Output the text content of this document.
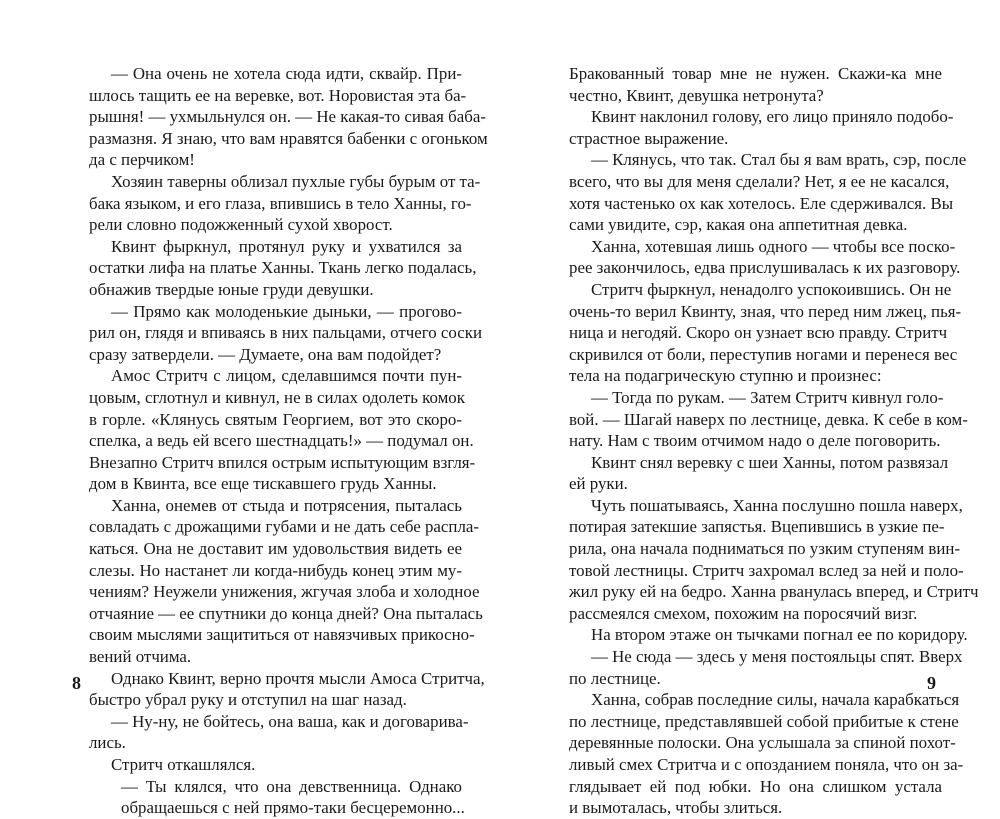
— Она очень не хотела сюда идти, сквайр. При-
шлось тащить ее на веревке, вот. Норовистая эта ба-
рышня! — ухмыльнулся он. — Не какая-то сивая баба-
размазня. Я знаю, что вам нравятся бабенки с огоньком
да с перчиком!
Хозяин таверны облизал пухлые губы бурым от та-
бака языком, и его глаза, впившись в тело Ханны, го-
рели словно подожженный сухой хворост.
Квинт фыркнул, протянул руку и ухватился за
остатки лифа на платье Ханны. Ткань легко подалась,
обнажив твердые юные груди девушки.
— Прямо как молоденькие дыньки, — прогово-
рил он, глядя и впиваясь в них пальцами, отчего соски
сразу затвердели. — Думаете, она вам подойдет?
Амос Стритч с лицом, сделавшимся почти пун-
цовым, сглотнул и кивнул, не в силах одолеть комок
в горле. «Клянусь святым Георгием, вот это скоро-
спелка, а ведь ей всего шестнадцать!» — подумал он.
Внезапно Стритч впился острым испытующим взгля-
дом в Квинта, все еще тискавшего грудь Ханны.
Ханна, онемев от стыда и потрясения, пыталась
совладать с дрожащими губами и не дать себе распла-
каться. Она не доставит им удовольствия видеть ее
слезы. Но настанет ли когда-нибудь конец этим му-
чениям? Неужели унижения, жгучая злоба и холодное
отчаяние — ее спутники до конца дней? Она пыталась
своим мыслями защититься от навязчивых прикосно-
вений отчима.
Однако Квинт, верно прочтя мысли Амоса Стритча,
быстро убрал руку и отступил на шаг назад.
— Ну-ну, не бойтесь, она ваша, как и договарива-
лись.
Стритч откашлялся.
— Ты клялся, что она девственница. Однако
обращаешься с ней прямо-таки бесцеремонно...
Бракованный товар мне не нужен. Скажи-ка мне
честно, Квинт, девушка нетронута?
Квинт наклонил голову, его лицо приняло подобо-
страстное выражение.
— Клянусь, что так. Стал бы я вам врать, сэр, после
всего, что вы для меня сделали? Нет, я ее не касался,
хотя частенько ох как хотелось. Еле сдерживался. Вы
сами увидите, сэр, какая она аппетитная девка.
Ханна, хотевшая лишь одного — чтобы все поско-
рее закончилось, едва прислушивалась к их разговору.
Стритч фыркнул, ненадолго успокоившись. Он не
очень-то верил Квинту, зная, что перед ним лжец, пья-
ница и негодяй. Скоро он узнает всю правду. Стритч
скривился от боли, переступив ногами и перенеся вес
тела на подагрическую ступню и произнес:
— Тогда по рукам. — Затем Стритч кивнул голо-
вой. — Шагай наверх по лестнице, девка. К себе в ком-
нату. Нам с твоим отчимом надо о деле поговорить.
Квинт снял веревку с шеи Ханны, потом развязал
ей руки.
Чуть пошатываясь, Ханна послушно пошла наверх,
потирая затекшие запястья. Вцепившись в узкие пе-
рила, она начала подниматься по узким ступеням вин-
товой лестницы. Стритч захромал вслед за ней и поло-
жил руку ей на бедро. Ханна рванулась вперед, и Стритч
рассмеялся смехом, похожим на поросячий визг.
На втором этаже он тычками погнал ее по коридору.
— Не сюда — здесь у меня постояльцы спят. Вверх
по лестнице.
Ханна, собрав последние силы, начала карабкаться
по лестнице, представлявшей собой прибитые к стене
деревянные полоски. Она услышала за спиной похот-
ливый смех Стритча и с опозданием поняла, что он за-
глядывает ей под юбки. Но она слишком устала
и вымоталась, чтобы злиться.
8	9
